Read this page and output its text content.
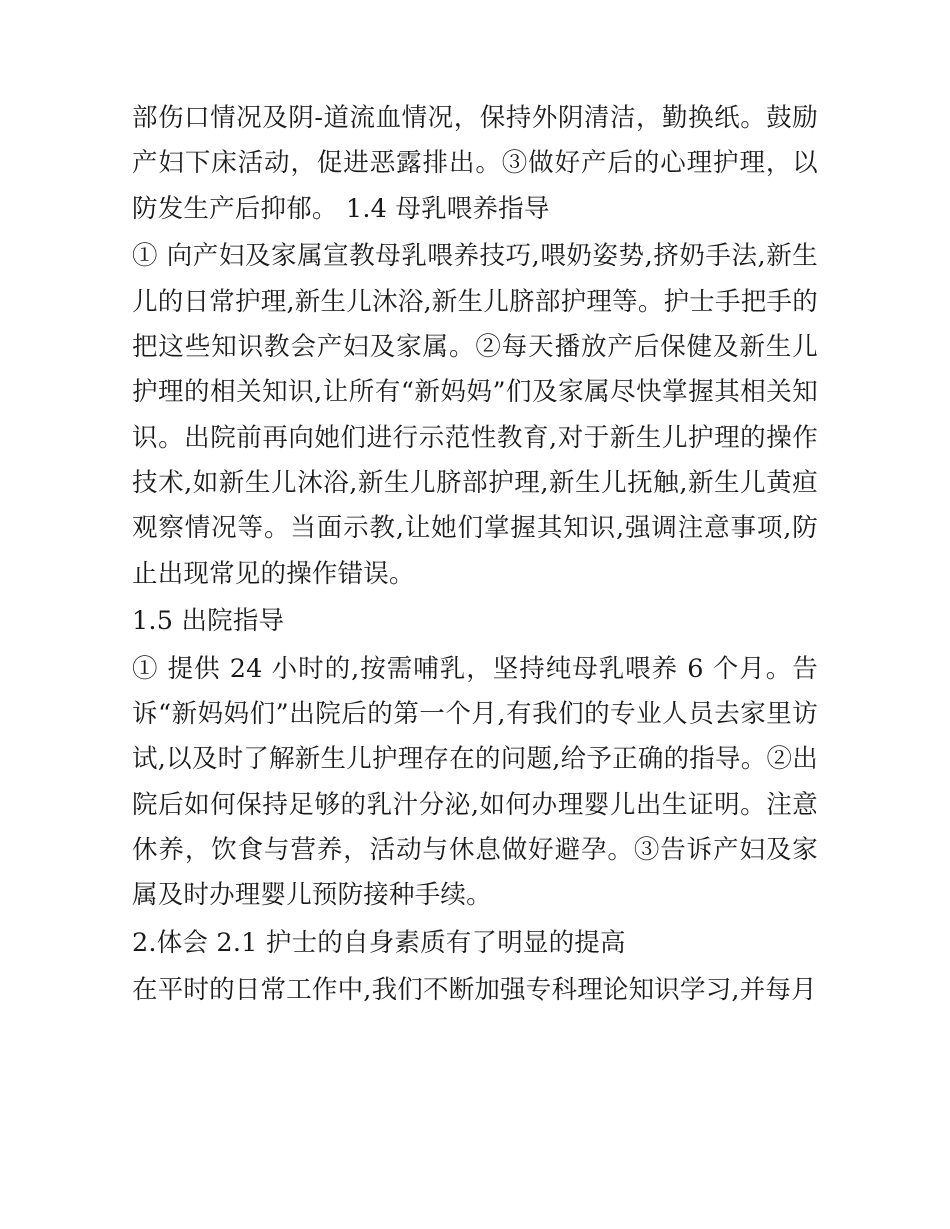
部伤口情况及阴-道流血情况，保持外阴清洁，勤换纸。鼓励产妇下床活动，促进恶露排出。③做好产后的心理护理，以防发生产后抑郁。 1.4 母乳喂养指导

① 向产妇及家属宣教母乳喂养技巧,喂奶姿势,挤奶手法,新生儿的日常护理,新生儿沐浴,新生儿脐部护理等。护士手把手的把这些知识教会产妇及家属。②每天播放产后保健及新生儿护理的相关知识,让所有“新妈妈”们及家属尽快掌握其相关知识。出院前再向她们进行示范性教育,对于新生儿护理的操作技术,如新生儿沐浴,新生儿脐部护理,新生儿抚触,新生儿黄疸观察情况等。当面示教,让她们掌握其知识,强调注意事项,防止出现常见的操作错误。

1.5 出院指导

① 提供 24 小时的,按需哺乳，坚持纯母乳喂养 6 个月。告诉“新妈妈们”出院后的第一个月,有我们的专业人员去家里访试,以及时了解新生儿护理存在的问题,给予正确的指导。②出院后如何保持足够的乳汁分泌,如何办理婴儿出生证明。注意休养，饮食与营养，活动与休息做好避孕。③告诉产妇及家属及时办理婴儿预防接种手续。

2.体会 2.1 护士的自身素质有了明显的提高

在平时的日常工作中,我们不断加强专科理论知识学习,并每月
